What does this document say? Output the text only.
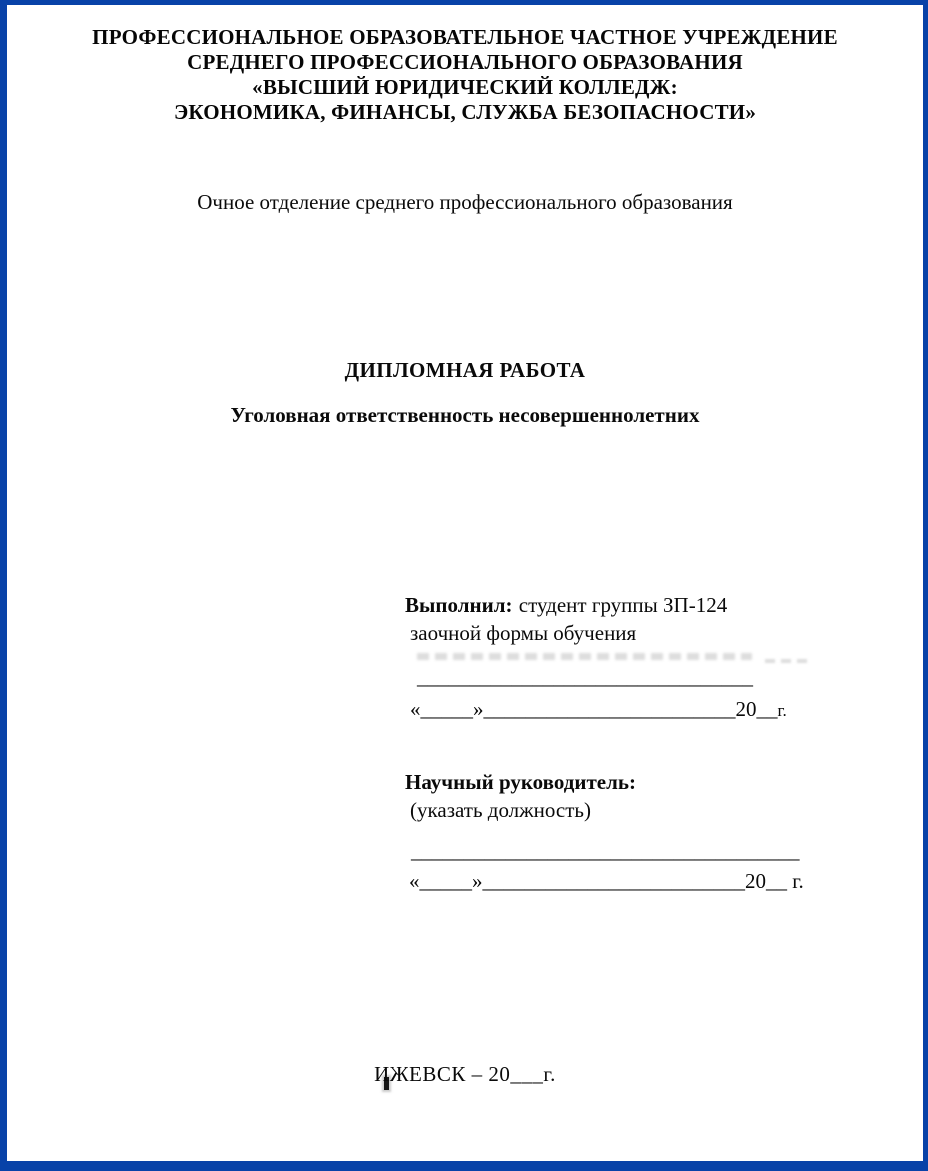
ПРОФЕССИОНАЛЬНОЕ ОБРАЗОВАТЕЛЬНОЕ ЧАСТНОЕ УЧРЕЖДЕНИЕ
СРЕДНЕГО ПРОФЕССИОНАЛЬНОГО ОБРАЗОВАНИЯ
«ВЫСШИЙ ЮРИДИЧЕСКИЙ КОЛЛЕДЖ:
ЭКОНОМИКА, ФИНАНСЫ, СЛУЖБА БЕЗОПАСНОСТИ»
Очное отделение среднего профессионального образования
ДИПЛОМНАЯ РАБОТА
Уголовная ответственность несовершеннолетних
Выполнил: студент группы ЗП-124
заочной формы обучения
________________________________
«_____»________________________20__г.
Научный руководитель:
(указать должность)
_____________________________________
«_____»_________________________20__ г.
ИЖЕВСК – 20___г.
